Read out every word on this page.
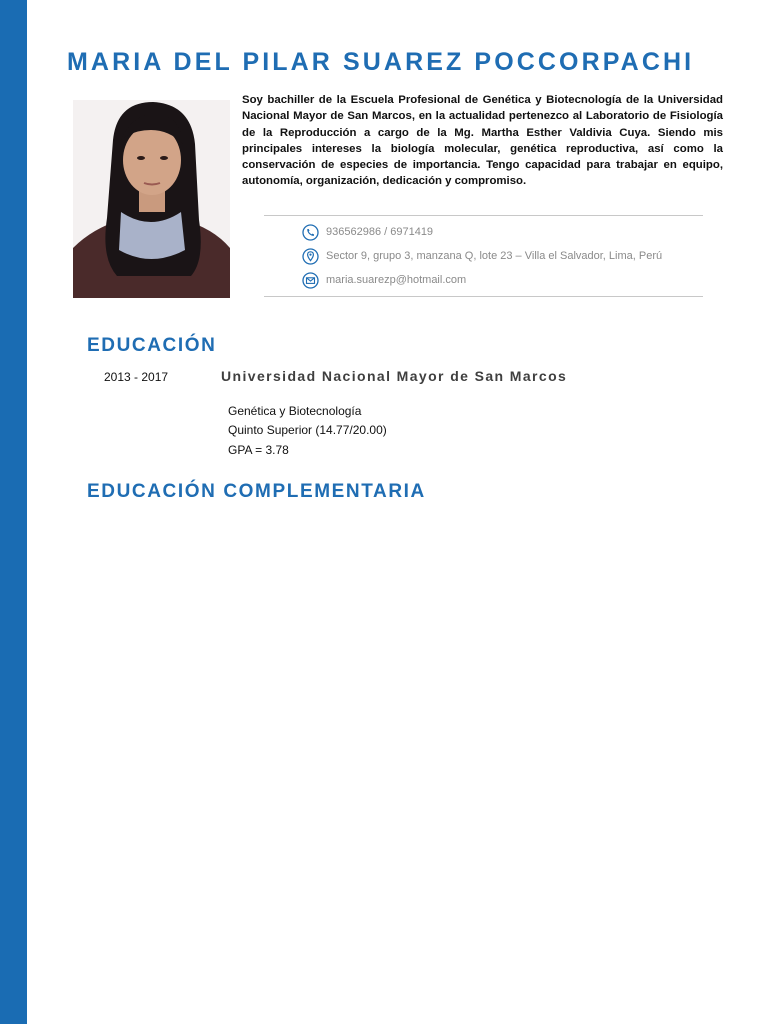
MARIA DEL PILAR SUAREZ POCCORPACHI

Soy bachiller de la Escuela Profesional de Genética y Biotecnología de la Universidad Nacional Mayor de San Marcos, en la actualidad pertenezco al Laboratorio de Fisiología de la Reproducción a cargo de la Mg. Martha Esther Valdivia Cuya. Siendo mis principales intereses la biología molecular, genética reproductiva, así como la conservación de especies de importancia. Tengo capacidad para trabajar en equipo, autonomía, organización, dedicación y compromiso.

936562986 / 6971419
Sector 9, grupo 3, manzana Q, lote 23 – Villa el Salvador, Lima, Perú
maria.suarezp@hotmail.com
EDUCACIÓN
2013 - 2017	Universidad Nacional Mayor de San Marcos
Genética y Biotecnología
Quinto Superior (14.77/20.00)
GPA = 3.78
EDUCACIÓN COMPLEMENTARIA
